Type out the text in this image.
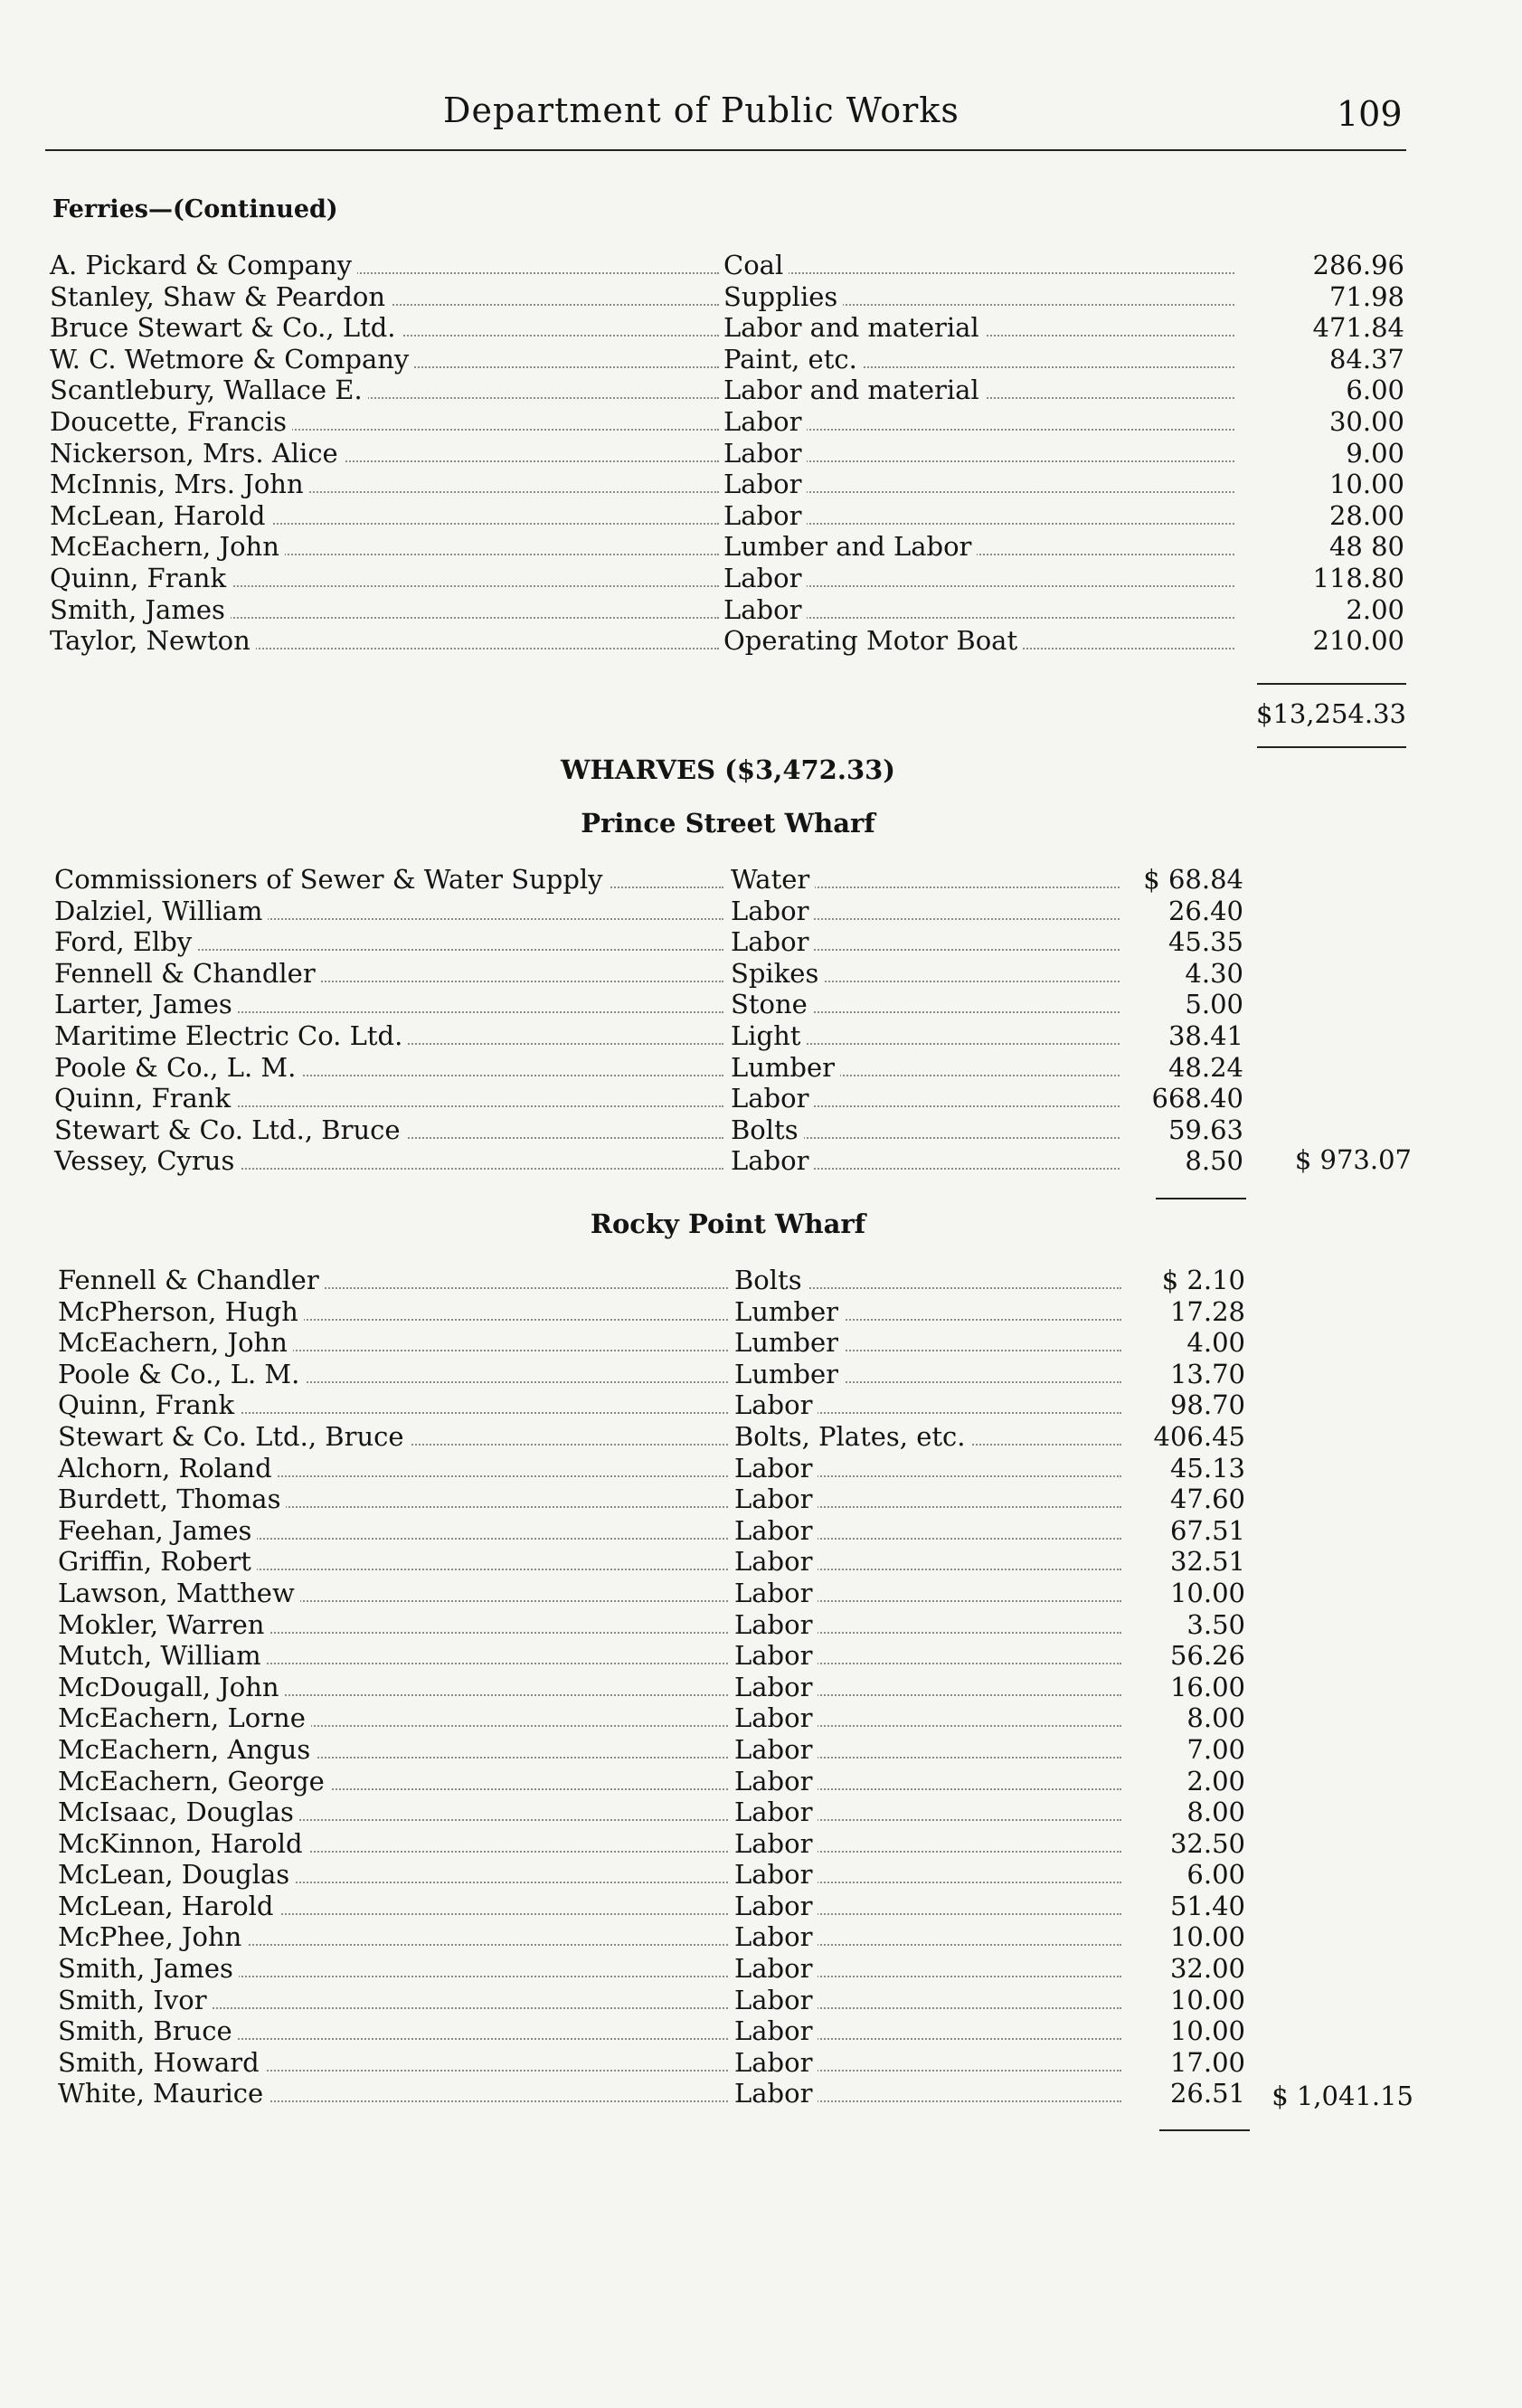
Department of Public Works	109
Ferries—(Continued)
A. Pickard & Company	Coal	286.96
Stanley, Shaw & Peardon	Supplies	71.98
Bruce Stewart & Co., Ltd.	Labor and material	471.84
W. C. Wetmore & Company	Paint, etc.	84.37
Scantlebury, Wallace E.	Labor and material	6.00
Doucette, Francis	Labor	30.00
Nickerson, Mrs. Alice	Labor	9.00
McInnis, Mrs. John	Labor	10.00
McLean, Harold	Labor	28.00
McEachern, John	Lumber and Labor	48 80
Quinn, Frank	Labor	118.80
Smith, James	Labor	2.00
Taylor, Newton	Operating Motor Boat	210.00
$13,254.33
WHARVES ($3,472.33)
Prince Street Wharf
Commissioners of Sewer & Water Supply	Water	$ 68.84
Dalziel, William	Labor	26.40
Ford, Elby	Labor	45.35
Fennell & Chandler	Spikes	4.30
Larter, James	Stone	5.00
Maritime Electric Co. Ltd.	Light	38.41
Poole & Co., L. M.	Lumber	48.24
Quinn, Frank	Labor	668.40
Stewart & Co. Ltd., Bruce	Bolts	59.63
Vessey, Cyrus	Labor	8.50 $ 973.07
Rocky Point Wharf
Fennell & Chandler	Bolts	$ 2.10
McPherson, Hugh	Lumber	17.28
McEachern, John	Lumber	4.00
Poole & Co., L. M.	Lumber	13.70
Quinn, Frank	Labor	98.70
Stewart & Co. Ltd., Bruce	Bolts, Plates, etc.	406.45
Alchorn, Roland	Labor	45.13
Burdett, Thomas	Labor	47.60
Feehan, James	Labor	67.51
Griffin, Robert	Labor	32.51
Lawson, Matthew	Labor	10.00
Mokler, Warren	Labor	3.50
Mutch, William	Labor	56.26
McDougall, John	Labor	16.00
McEachern, Lorne	Labor	8.00
McEachern, Angus	Labor	7.00
McEachern, George	Labor	2.00
McIsaac, Douglas	Labor	8.00
McKinnon, Harold	Labor	32.50
McLean, Douglas	Labor	6.00
McLean, Harold	Labor	51.40
McPhee, John	Labor	10.00
Smith, James	Labor	32.00
Smith, Ivor	Labor	10.00
Smith, Bruce	Labor	10.00
Smith, Howard	Labor	17.00
White, Maurice	Labor	26.51 $ 1,041.15
